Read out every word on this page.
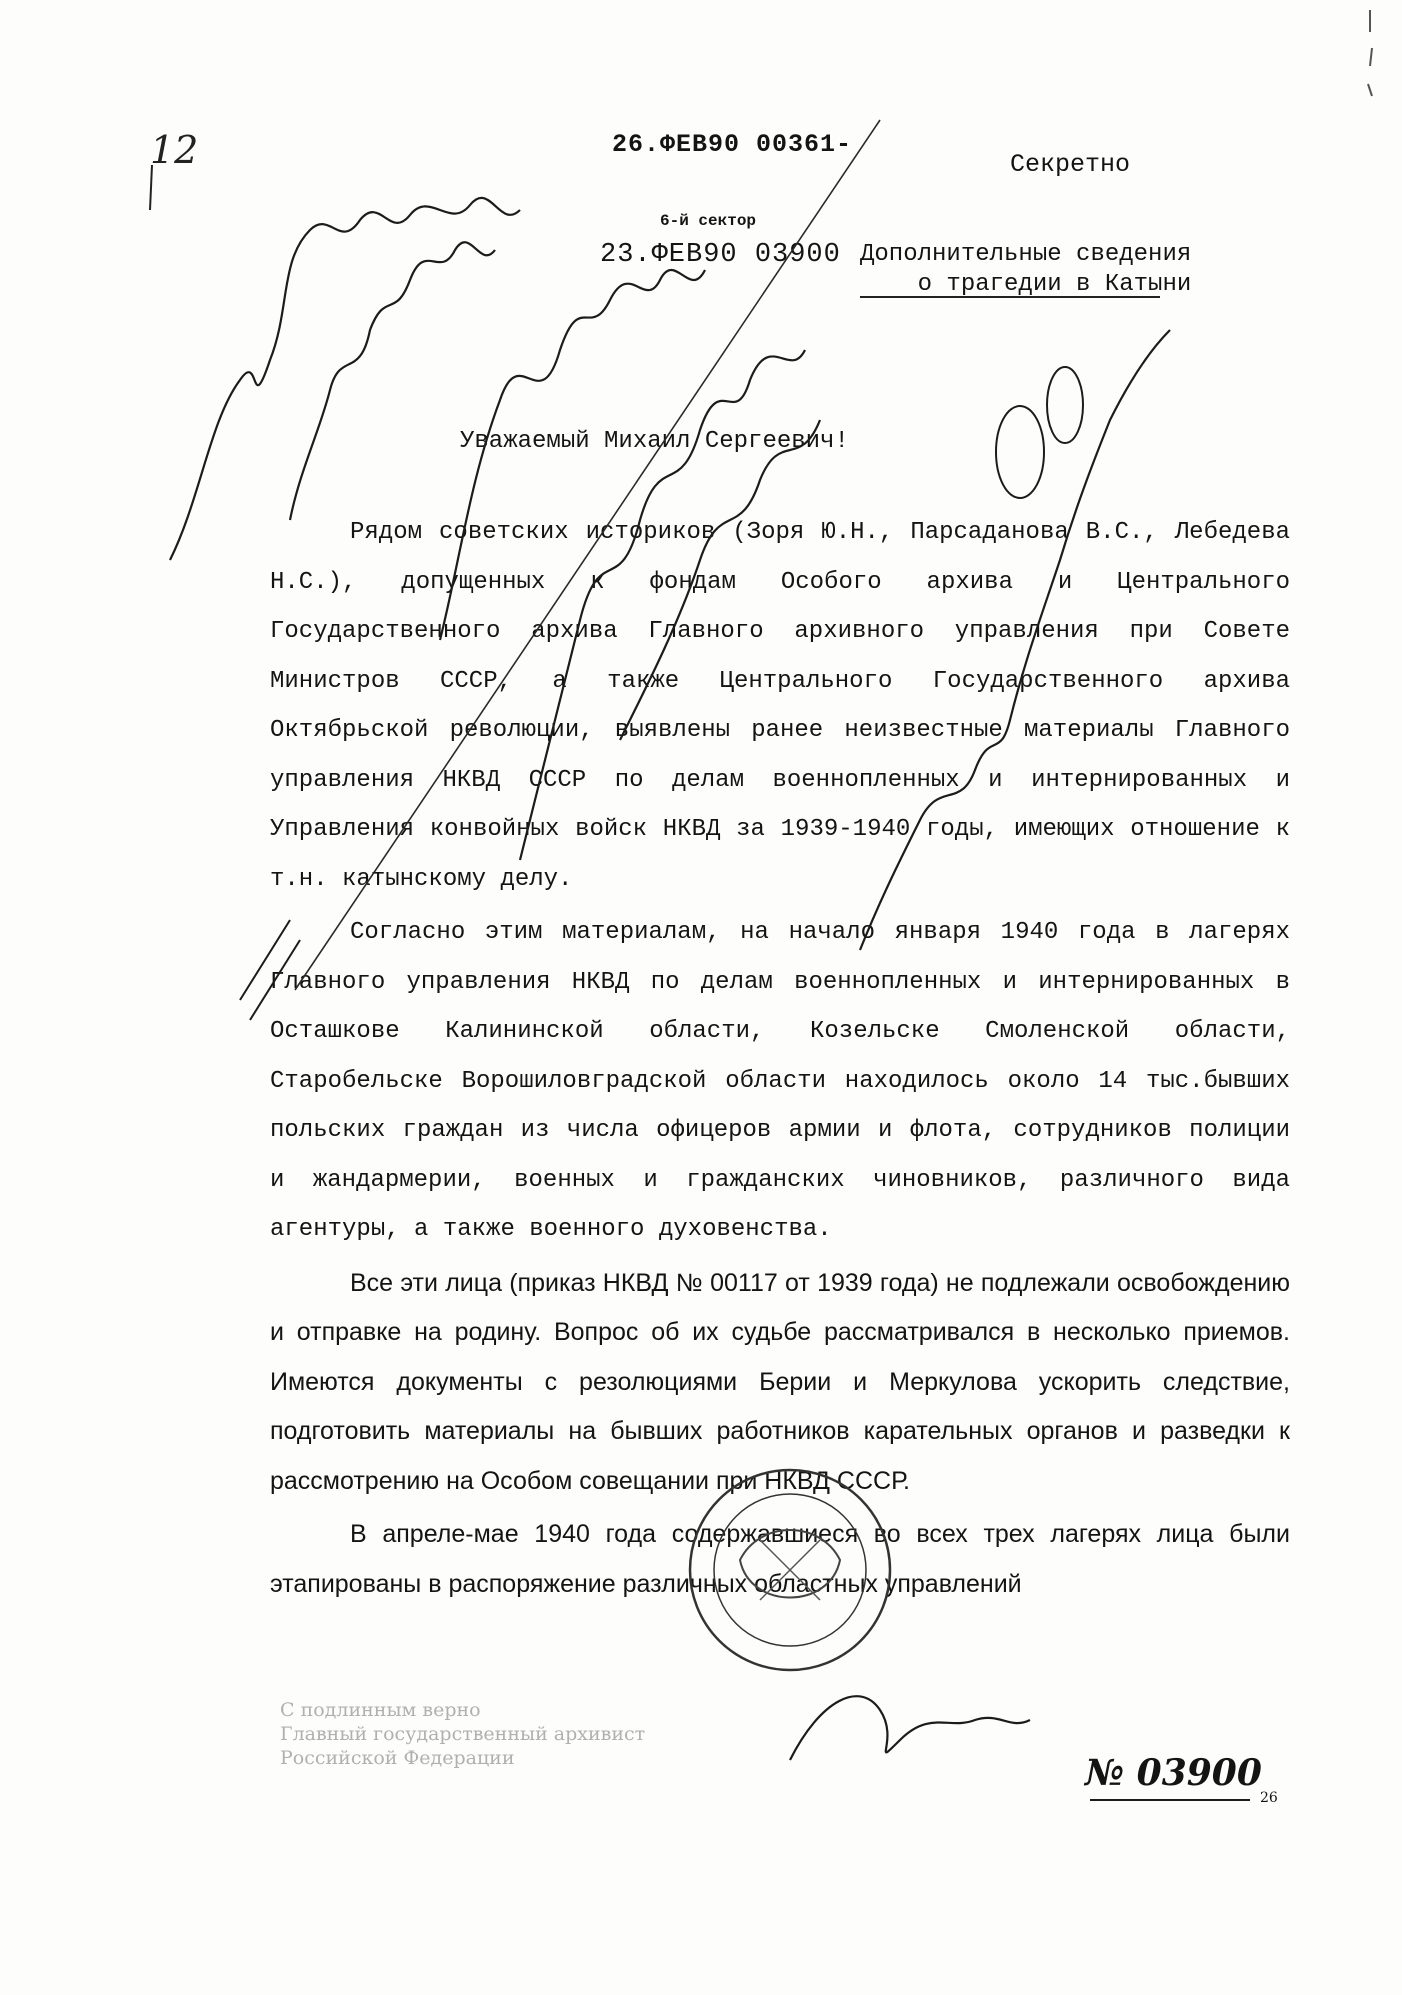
12	26.ФЕВ90 00361-
Секретно
6-й сектор
23.ФЕВ90 03900 Дополнительные сведения
о трагедии в Катыни
Уважаемый Михаил Сергеевич!

Рядом советских историков (Зоря Ю.Н., Парсаданова В.С., Лебедева Н.С.), допущенных к фондам Особого архива и Центрального Государственного архива Главного архивного управления при Совете Министров СССР, а также Центрального Государственного архива Октябрьской революции, выявлены ранее неизвестные материалы Главного управления НКВД СССР по делам военнопленных и интернированных и Управления конвойных войск НКВД за 1939-1940 годы, имеющих отношение к т.н. катынскому делу.

Согласно этим материалам, на начало января 1940 года в лагерях Главного управления НКВД по делам военнопленных и интернированных в Осташкове Калининской области, Козельске Смоленской области, Старобельске Ворошиловградской области находилось около 14 тыс.бывших польских граждан из числа офицеров армии и флота, сотрудников полиции и жандармерии, военных и гражданских чиновников, различного вида агентуры, а также военного духовенства.

Все эти лица (приказ НКВД № 00117 от 1939 года) не подлежали освобождению и отправке на родину. Вопрос об их судьбе рассматривался в несколько приемов. Имеются документы с резолюциями Берии и Меркулова ускорить следствие, подготовить материалы на бывших работников карательных органов и разведки к рассмотрению на Особом совещании при НКВД СССР.

В апреле-мае 1940 года содержавшиеся во всех трех лагерях лица были этапированы в распоряжение различных областных управлений

С подлинным верно
Главный государственный архивист
Российской Федерации	№ 03900
26
